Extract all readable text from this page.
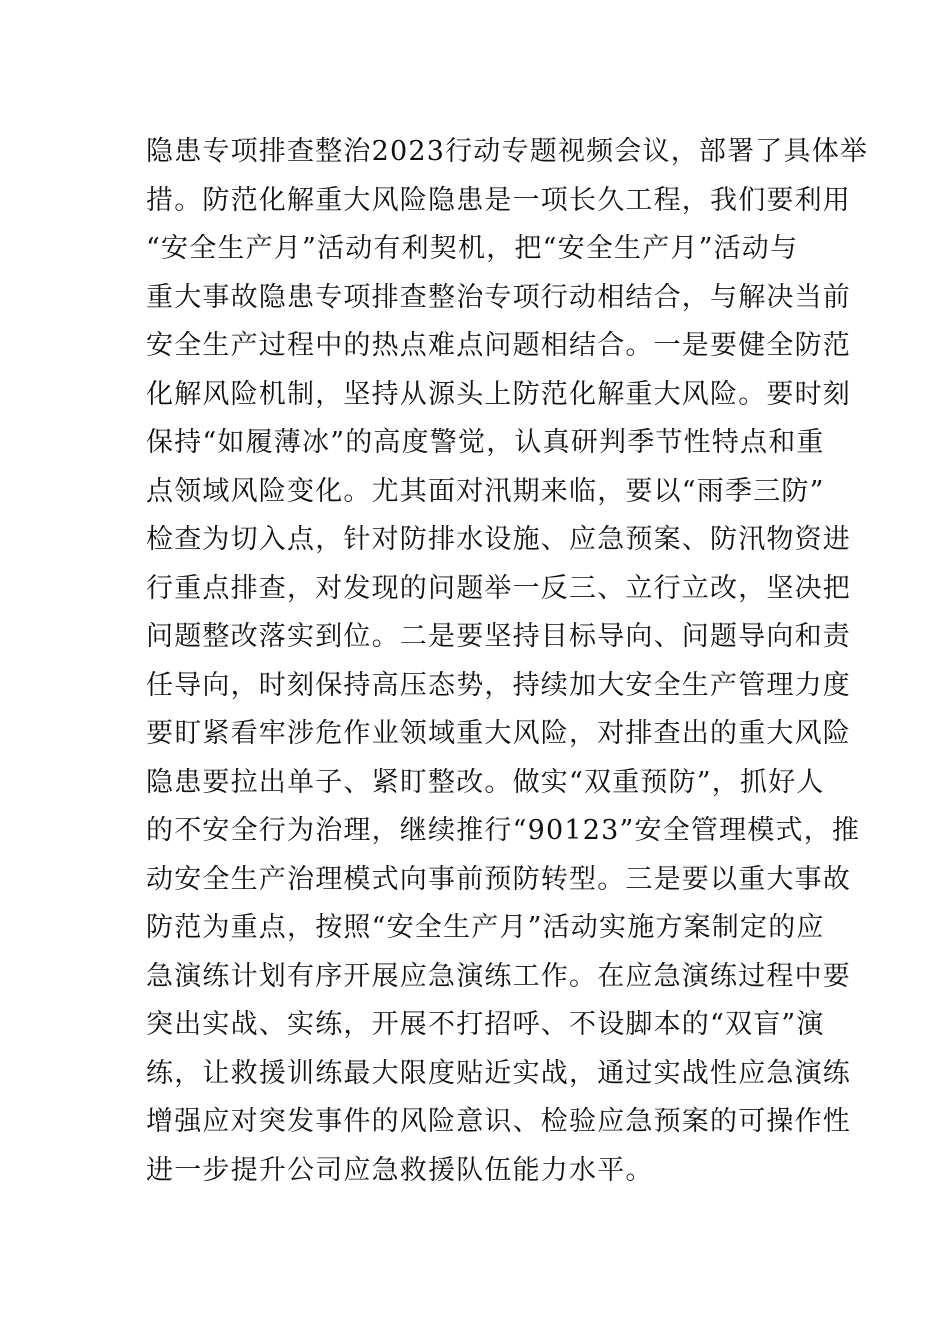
隐患专项排查整治2023行动专题视频会议，部署了具体举
措。防范化解重大风险隐患是一项长久工程，我们要利用
“安全生产月”活动有利契机，把“安全生产月”活动与
重大事故隐患专项排查整治专项行动相结合，与解决当前
安全生产过程中的热点难点问题相结合。一是要健全防范
化解风险机制，坚持从源头上防范化解重大风险。要时刻
保持“如履薄冰”的高度警觉，认真研判季节性特点和重
点领域风险变化。尤其面对汛期来临，要以“雨季三防”
检查为切入点，针对防排水设施、应急预案、防汛物资进
行重点排查，对发现的问题举一反三、立行立改，坚决把
问题整改落实到位。二是要坚持目标导向、问题导向和责
任导向，时刻保持高压态势，持续加大安全生产管理力度
要盯紧看牢涉危作业领域重大风险，对排查出的重大风险
隐患要拉出单子、紧盯整改。做实“双重预防”，抓好人
的不安全行为治理，继续推行“90123”安全管理模式，推
动安全生产治理模式向事前预防转型。三是要以重大事故
防范为重点，按照“安全生产月”活动实施方案制定的应
急演练计划有序开展应急演练工作。在应急演练过程中要
突出实战、实练，开展不打招呼、不设脚本的“双盲”演
练，让救援训练最大限度贴近实战，通过实战性应急演练
增强应对突发事件的风险意识、检验应急预案的可操作性
进一步提升公司应急救援队伍能力水平。
